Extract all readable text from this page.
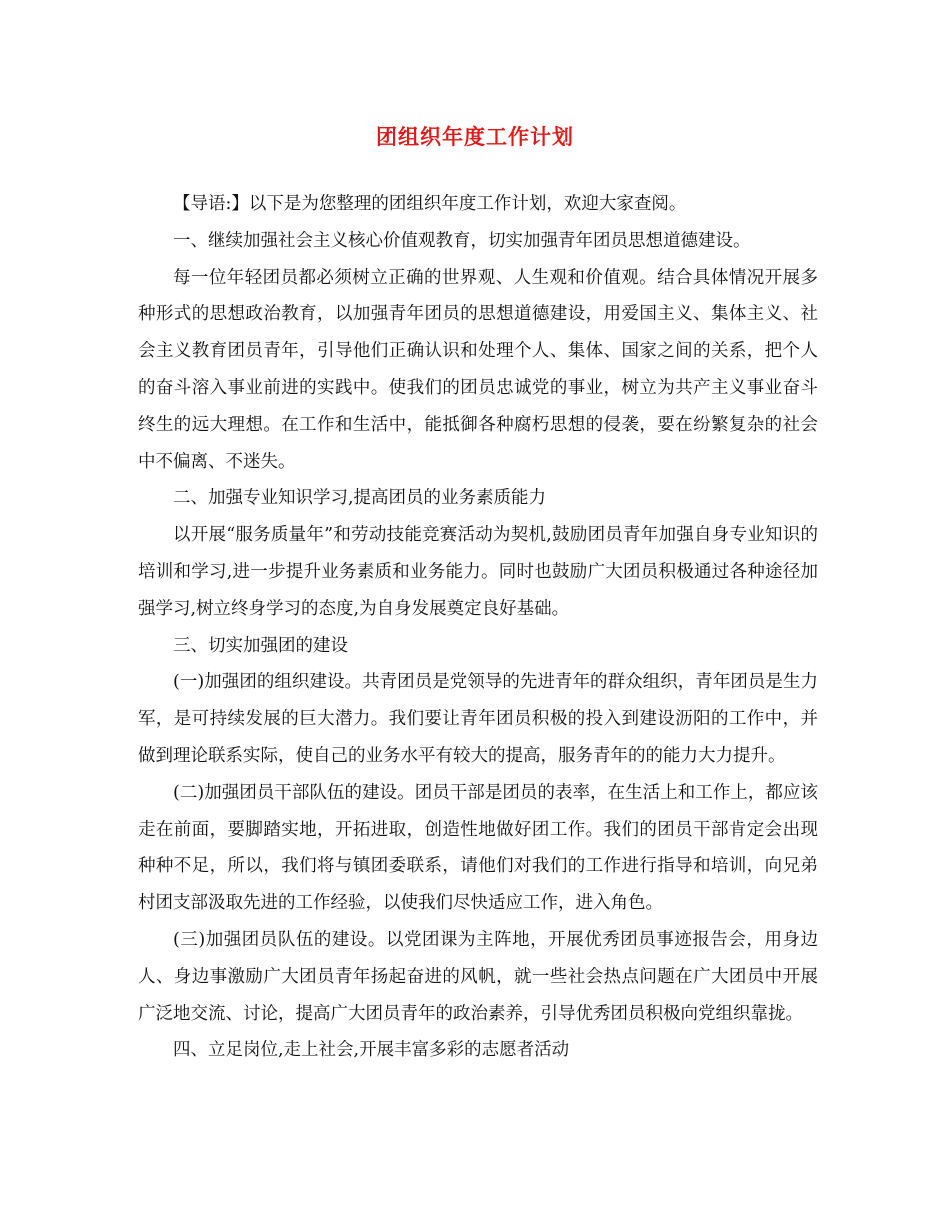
团组织年度工作计划

【导语:】以下是为您整理的团组织年度工作计划，欢迎大家查阅。

一、继续加强社会主义核心价值观教育，切实加强青年团员思想道德建设。

每一位年轻团员都必须树立正确的世界观、人生观和价值观。结合具体情况开展多种形式的思想政治教育，以加强青年团员的思想道德建设，用爱国主义、集体主义、社会主义教育团员青年，引导他们正确认识和处理个人、集体、国家之间的关系，把个人的奋斗溶入事业前进的实践中。使我们的团员忠诚党的事业，树立为共产主义事业奋斗终生的远大理想。在工作和生活中，能抵御各种腐朽思想的侵袭，要在纷繁复杂的社会中不偏离、不迷失。

二、加强专业知识学习,提高团员的业务素质能力

以开展“服务质量年”和劳动技能竞赛活动为契机,鼓励团员青年加强自身专业知识的培训和学习,进一步提升业务素质和业务能力。同时也鼓励广大团员积极通过各种途径加强学习,树立终身学习的态度,为自身发展奠定良好基础。

三、切实加强团的建设

(一)加强团的组织建设。共青团员是党领导的先进青年的群众组织，青年团员是生力军，是可持续发展的巨大潜力。我们要让青年团员积极的投入到建设沥阳的工作中，并做到理论联系实际，使自己的业务水平有较大的提高，服务青年的的能力大力提升。

(二)加强团员干部队伍的建设。团员干部是团员的表率，在生活上和工作上，都应该走在前面，要脚踏实地，开拓进取，创造性地做好团工作。我们的团员干部肯定会出现种种不足，所以，我们将与镇团委联系，请他们对我们的工作进行指导和培训，向兄弟村团支部汲取先进的工作经验，以使我们尽快适应工作，进入角色。

(三)加强团员队伍的建设。以党团课为主阵地，开展优秀团员事迹报告会，用身边人、身边事激励广大团员青年扬起奋进的风帆，就一些社会热点问题在广大团员中开展广泛地交流、讨论，提高广大团员青年的政治素养，引导优秀团员积极向党组织靠拢。

四、立足岗位,走上社会,开展丰富多彩的志愿者活动
